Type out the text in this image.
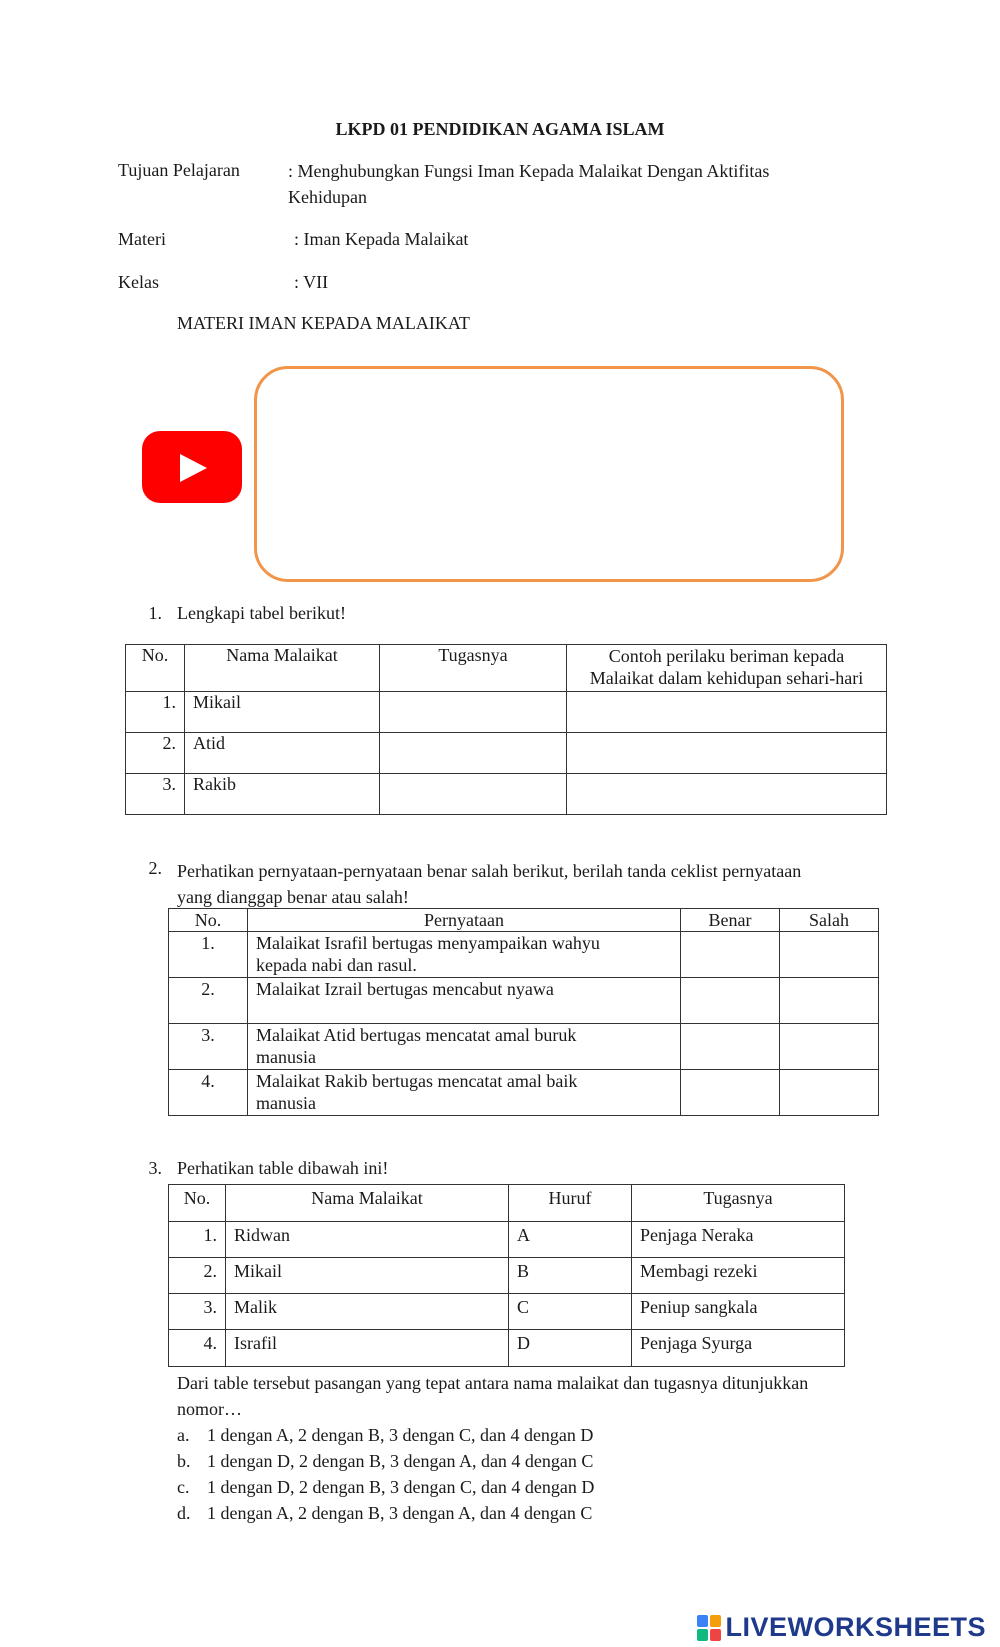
LKPD 01 PENDIDIKAN AGAMA ISLAM
Tujuan Pelajaran	: Menghubungkan Fungsi Iman Kepada Malaikat Dengan Aktifitas
Kehidupan
Materi	: Iman Kepada Malaikat
Kelas	: VII
MATERI IMAN KEPADA MALAIKAT
1. Lengkapi tabel berikut!
No.	Nama Malaikat	Tugasnya	Contoh perilaku beriman kepada
Malaikat dalam kehidupan sehari-hari

1.	Mikail		
2.	Atid		
3.	Rakib		
2. Perhatikan pernyataan-pernyataan benar salah berikut, berilah tanda ceklist pernyataan
yang dianggap benar atau salah!
No.	Pernyataan	Benar	Salah
1.	Malaikat Israfil bertugas menyampaikan wahyu
kepada nabi dan rasul.		

2.	Malaikat Izrail bertugas mencabut nyawa		

3.	Malaikat Atid bertugas mencatat amal buruk
manusia		

4.	Malaikat Rakib bertugas mencatat amal baik
manusia		

3. Perhatikan table dibawah ini!
No.	Nama Malaikat	Huruf	Tugasnya
1.	Ridwan	A	Penjaga Neraka
2.	Mikail	B	Membagi rezeki
3.	Malik	C	Peniup sangkala
4.	Israfil	D	Penjaga Syurga
Dari table tersebut pasangan yang tepat antara nama malaikat dan tugasnya ditunjukkan
nomor…
a. 1 dengan A, 2 dengan B, 3 dengan C, dan 4 dengan D
b. 1 dengan D, 2 dengan B, 3 dengan A, dan 4 dengan C
c. 1 dengan D, 2 dengan B, 3 dengan C, dan 4 dengan D
d. 1 dengan A, 2 dengan B, 3 dengan A, dan 4 dengan C
LIVEWORKSHEETS
